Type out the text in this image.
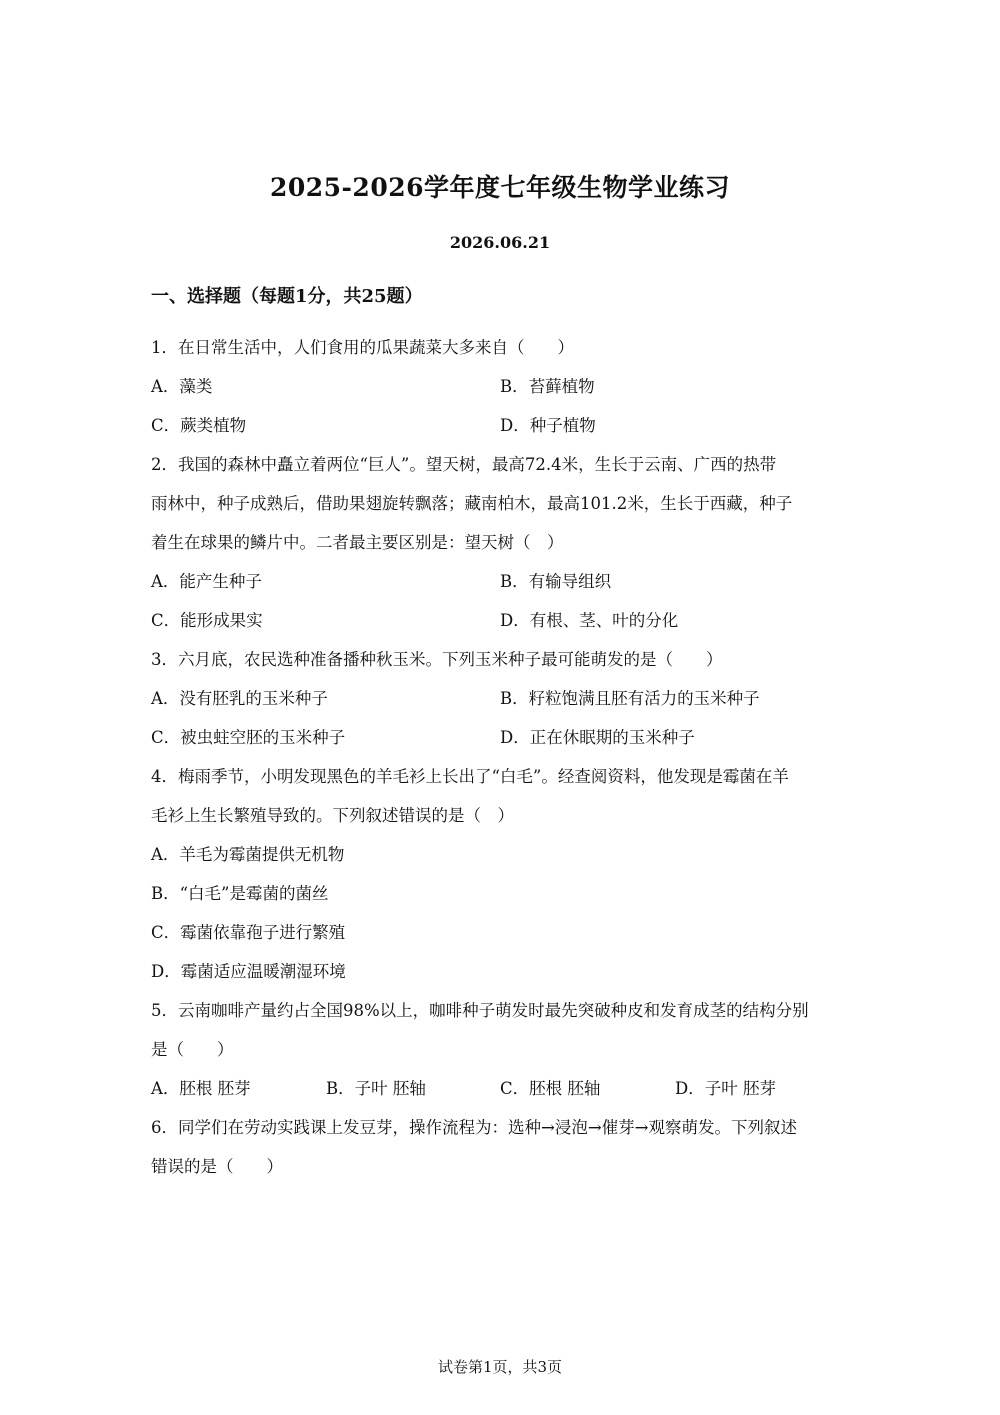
2025-2026学年度七年级生物学业练习
2026.06.21
一、选择题（每题1分，共25题）
1．在日常生活中，人们食用的瓜果蔬菜大多来自（　　）
A．藻类	B．苔藓植物
C．蕨类植物	D．种子植物
2．我国的森林中矗立着两位“巨人”。望天树，最高72.4米，生长于云南、广西的热带
雨林中，种子成熟后，借助果翅旋转飘落；藏南柏木，最高101.2米，生长于西藏，种子
着生在球果的鳞片中。二者最主要区别是：望天树（　）
A．能产生种子	B．有输导组织
C．能形成果实	D．有根、茎、叶的分化
3．六月底，农民选种准备播种秋玉米。下列玉米种子最可能萌发的是（　　）
A．没有胚乳的玉米种子	B．籽粒饱满且胚有活力的玉米种子
C．被虫蛀空胚的玉米种子	D．正在休眠期的玉米种子
4．梅雨季节，小明发现黑色的羊毛衫上长出了“白毛”。经查阅资料，他发现是霉菌在羊
毛衫上生长繁殖导致的。下列叙述错误的是（　）
A．羊毛为霉菌提供无机物
B．“白毛”是霉菌的菌丝
C．霉菌依靠孢子进行繁殖
D．霉菌适应温暖潮湿环境
5．云南咖啡产量约占全国98%以上，咖啡种子萌发时最先突破种皮和发育成茎的结构分别
是（　　）
A．胚根 胚芽	B．子叶 胚轴	C．胚根 胚轴	D．子叶 胚芽
6．同学们在劳动实践课上发豆芽，操作流程为：选种→浸泡→催芽→观察萌发。下列叙述
错误的是（　　）
试卷第1页，共3页
